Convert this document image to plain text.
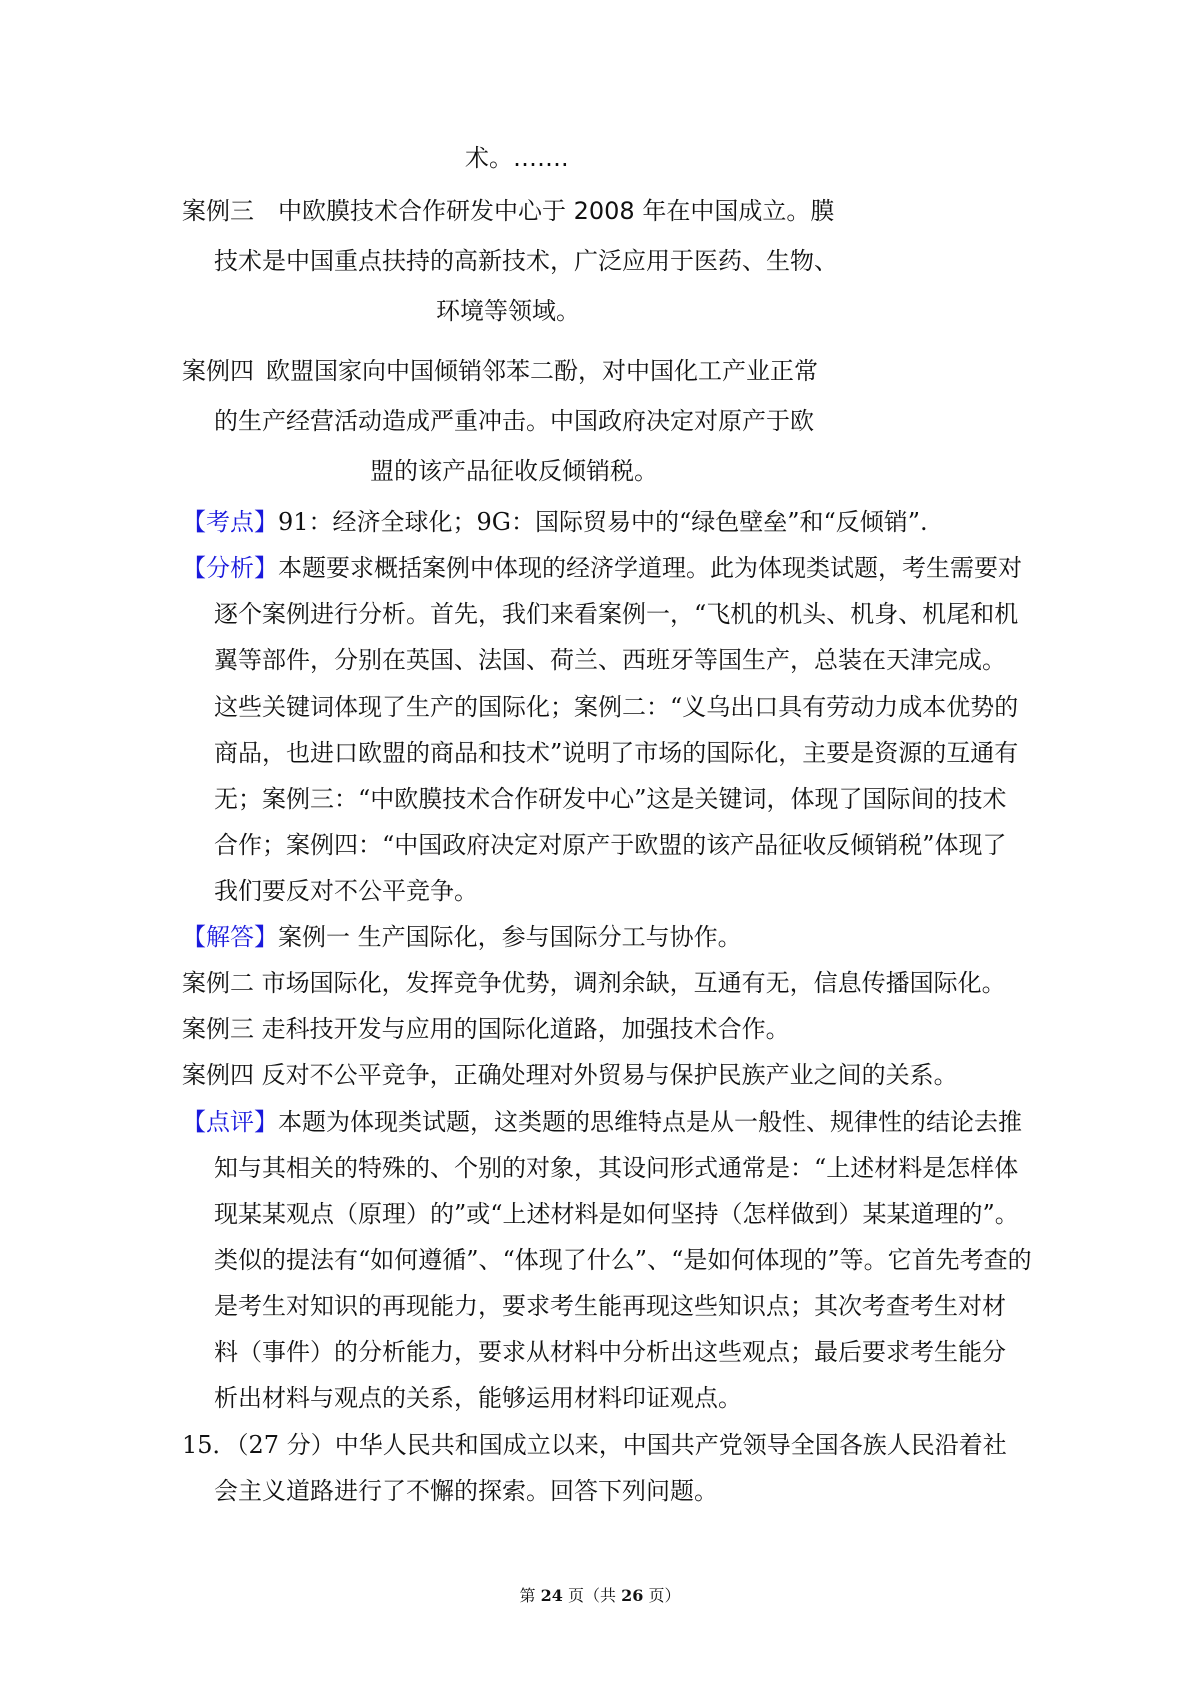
术。…….
案例三 中欧膜技术合作研发中心于 2008 年在中国成立。膜
技术是中国重点扶持的高新技术，广泛应用于医药、生物、
环境等领域。
案例四 欧盟国家向中国倾销邻苯二酚，对中国化工产业正常
的生产经营活动造成严重冲击。中国政府决定对原产于欧
盟的该产品征收反倾销税。
【考点】91：经济全球化；9G：国际贸易中的“绿色壁垒”和“反倾销”.
【分析】本题要求概括案例中体现的经济学道理。此为体现类试题，考生需要对
逐个案例进行分析。首先，我们来看案例一，“飞机的机头、机身、机尾和机
翼等部件，分别在英国、法国、荷兰、西班牙等国生产，总装在天津完成。
这些关键词体现了生产的国际化；案例二：“义乌出口具有劳动力成本优势的
商品，也进口欧盟的商品和技术”说明了市场的国际化，主要是资源的互通有
无；案例三：“中欧膜技术合作研发中心”这是关键词，体现了国际间的技术
合作；案例四：“中国政府决定对原产于欧盟的该产品征收反倾销税”体现了
我们要反对不公平竞争。
【解答】案例一 生产国际化，参与国际分工与协作。
案例二 市场国际化，发挥竞争优势，调剂余缺，互通有无，信息传播国际化。
案例三 走科技开发与应用的国际化道路，加强技术合作。
案例四 反对不公平竞争，正确处理对外贸易与保护民族产业之间的关系。
【点评】本题为体现类试题，这类题的思维特点是从一般性、规律性的结论去推
知与其相关的特殊的、个别的对象，其设问形式通常是：“上述材料是怎样体
现某某观点（原理）的”或“上述材料是如何坚持（怎样做到）某某道理的”。
类似的提法有“如何遵循”、“体现了什么”、“是如何体现的”等。它首先考查的
是考生对知识的再现能力，要求考生能再现这些知识点；其次考查考生对材
料（事件）的分析能力，要求从材料中分析出这些观点；最后要求考生能分
析出材料与观点的关系，能够运用材料印证观点。
15．（27 分）中华人民共和国成立以来，中国共产党领导全国各族人民沿着社
会主义道路进行了不懈的探索。回答下列问题。
第 24 页（共 26 页）
